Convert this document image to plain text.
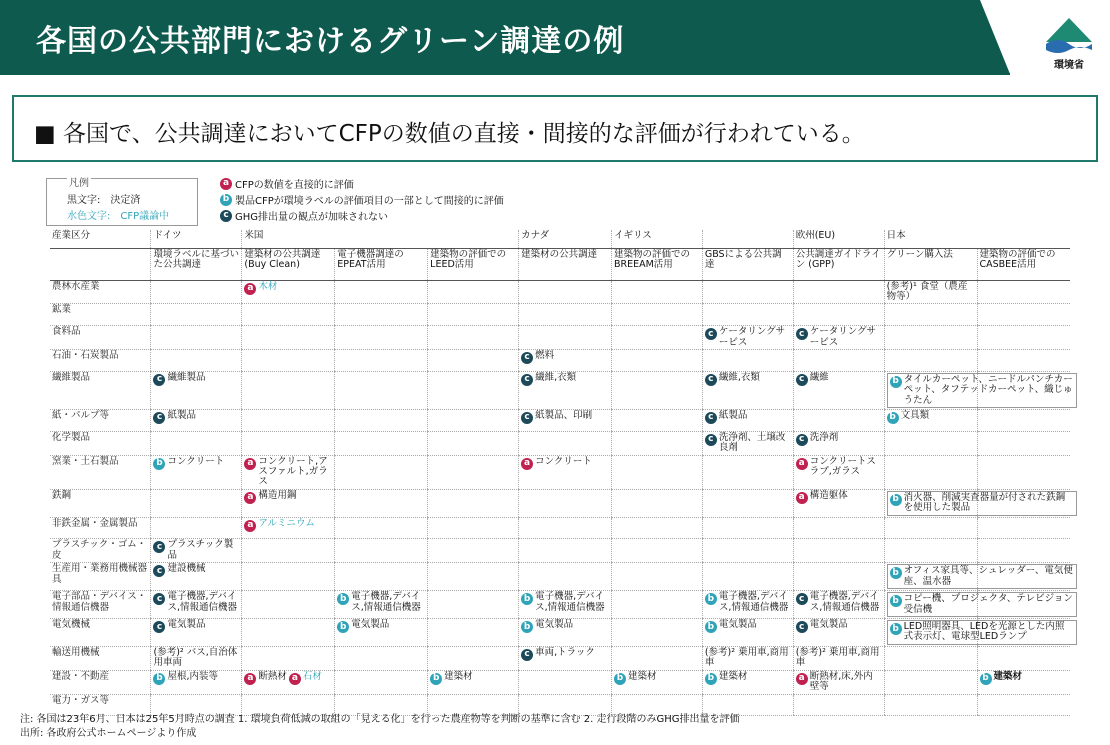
各国の公共部門におけるグリーン調達の例
環境省
■ 各国で、公共調達においてCFPの数値の直接・間接的な評価が行われている。
凡例
黒文字:　決定済
水色文字:　CFP議論中
a CFPの数値を直接的に評価
b 製品CFPが環境ラベルの評価項目の一部として間接的に評価
c GHG排出量の観点が加味されない
産業区分	ドイツ	米国			カナダ	イギリス		欧州(EU)	日本	
	環境ラベルに基づいた公共調達	建築材の公共調達(Buy Clean)	電子機器調達のEPEAT活用	建築物の評価でのLEED活用	建築材の公共調達	建築物の評価でのBREEAM活用	GBSによる公共調達	公共調達ガイドライン (GPP)	グリーン購入法	建築物の評価でのCASBEE活用
農林水産業		a 木材							(参考)¹ 食堂（農産物等）	

鉱業										
食料品							c ケータリングサービス	c ケータリングサービス		

石油・石炭製品					c 燃料					

繊維製品	c 繊維製品				c 繊維,衣類		c 繊維,衣類	c 繊維	b タイルカーペット、ニードルパンチカーペット、タフテッドカーペット、織じゅうたん	

紙・パルプ等	c 紙製品				c 紙製品、印刷		c 紙製品		b 文具類	

化学製品							c 洗浄剤、土壌改良剤	c 洗浄剤		

窯業・土石製品	b コンクリート	a コンクリート,アスファルト,ガラス			a コンクリート			a コンクリートスラブ,ガラス		

鉄鋼		a 構造用鋼						a 構造躯体	b 消火器、削減実査器量が付された鉄鋼を使用した製品	

非鉄金属・金属製品		a アルミニウム								

プラスチック・ゴム・皮	c プラスチック製品									

生産用・業務用機械器具	c 建設機械								b オフィス家具等、シュレッダー、電気便座、温水器	

電子部品・デバイス・情報通信機器	c 電子機器,デバイス,情報通信機器		b 電子機器,デバイス,情報通信機器		b 電子機器,デバイス,情報通信機器		b 電子機器,デバイス,情報通信機器	c 電子機器,デバイス,情報通信機器	b コピー機、プロジェクタ、テレビジョン受信機	

電気機械	c 電気製品		b 電気製品		b 電気製品		b 電気製品	c 電気製品	b LED照明器具、LEDを光源とした内照式表示灯、電球型LEDランプ	

輸送用機械	(参考)² バス,自治体用車両				c 車両,トラック		(参考)² 乗用車,商用車	(参考)² 乗用車,商用車		

建設・不動産	b 屋根,内装等	a 断熱材 a 石材		b 建築材		b 建築材	b 建築材	a 断熱材,床,外内壁等		b 建築材

電力・ガス等										
注: 各国は23年6月、日本は25年5月時点の調査 1. 環境負荷低減の取組の「見える化」を行った農産物等を判断の基準に含む 2. 走行段階のみGHG排出量を評価
出所: 各政府公式ホームページより作成
